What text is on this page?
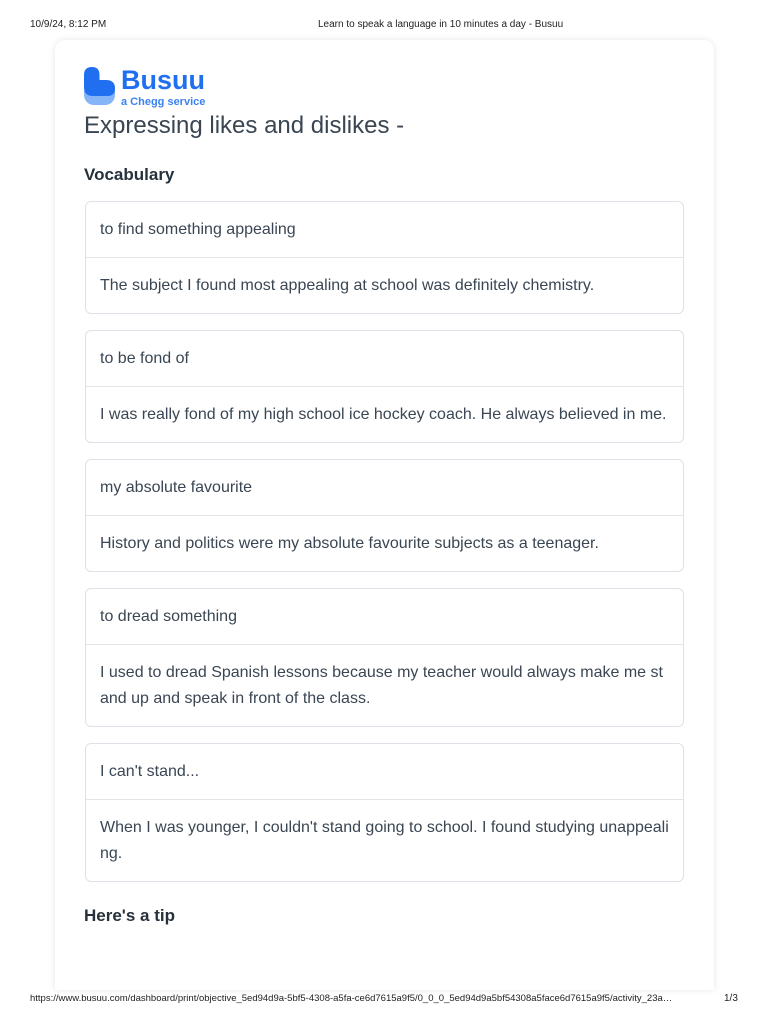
10/9/24, 8:12 PM	Learn to speak a language in 10 minutes a day - Busuu
Busuu
a Chegg service
Expressing likes and dislikes -
Vocabulary
to find something appealing
The subject I found most appealing at school was definitely chemistry.
to be fond of
I was really fond of my high school ice hockey coach. He always believed in me.
my absolute favourite
History and politics were my absolute favourite subjects as a teenager.
to dread something
I used to dread Spanish lessons because my teacher would always make me stand up and speak in front of the class.
I can't stand...
When I was younger, I couldn't stand going to school. I found studying unappealing.
Here's a tip
https://www.busuu.com/dashboard/print/objective_5ed94d9a-5bf5-4308-a5fa-ce6d7615a9f5/0_0_0_5ed94d9a5bf54308a5face6d7615a9f5/activity_23a…	1/3
